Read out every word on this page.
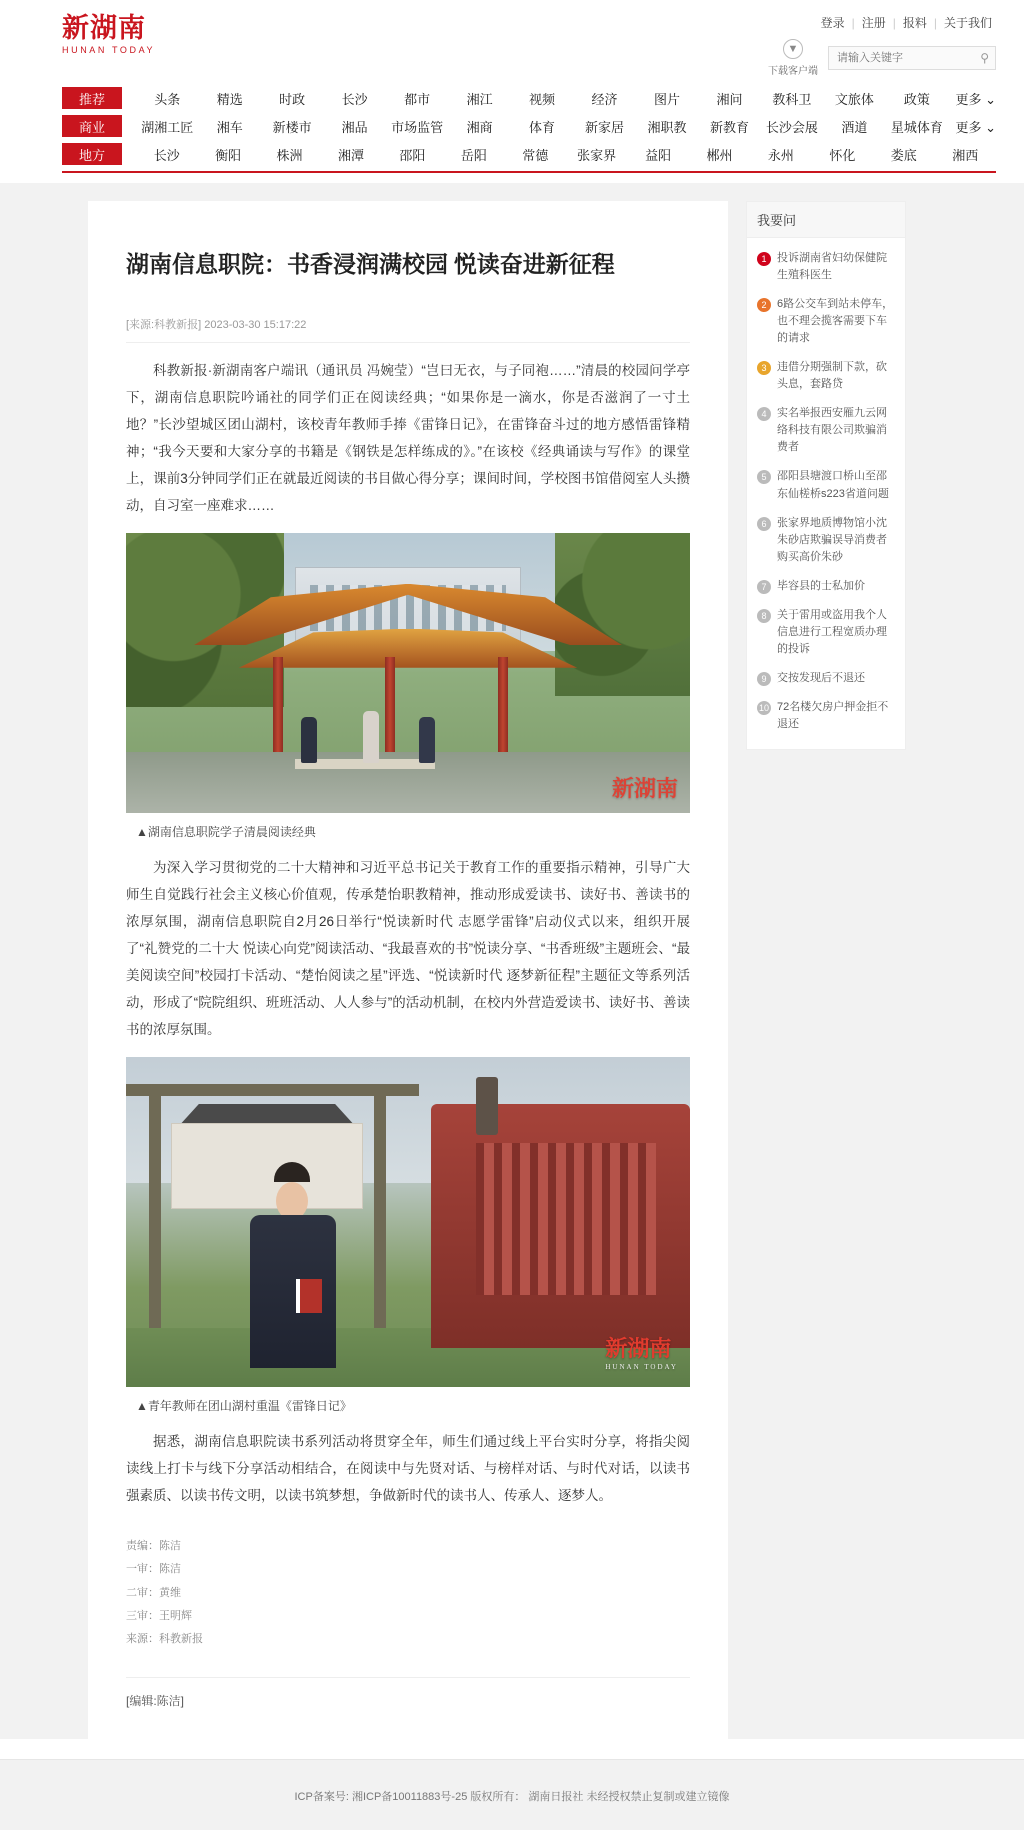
新湖南
HUNAN TODAY
登录 | 注册 | 报料 | 关于我们
▼
下载客户端
请输入关键字
⚲
推荐	头条	精选	时政	长沙	都市	湘江	视频	经济	图片	湘问	教科卫	文旅体	政策	更多 ⌄
商业	湖湘工匠	湘车	新楼市	湘品	市场监管	湘商	体育	新家居	湘职教	新教育	长沙会展	酒道	星城体育 更多 ⌄
地方	长沙	衡阳	株洲	湘潭	邵阳	岳阳	常德	张家界	益阳	郴州	永州	怀化	娄底	湘西
湖南信息职院：书香浸润满校园 悦读奋进新征程
[来源:科教新报] 2023-03-30 15:17:22

科教新报·新湖南客户端讯（通讯员 冯婉莹）“岂曰无衣，与子同袍……”清晨的校园问学亭下，湖南信息职院吟诵社的同学们正在阅读经典；“如果你是一滴水，你是否滋润了一寸土地？”长沙望城区团山湖村，该校青年教师手捧《雷锋日记》，在雷锋奋斗过的地方感悟雷锋精神；“我今天要和大家分享的书籍是《钢铁是怎样练成的》。”在该校《经典诵读与写作》的课堂上，课前3分钟同学们正在就最近阅读的书目做心得分享；课间时间，学校图书馆借阅室人头攒动，自习室一座难求……

新湖南
▲湖南信息职院学子清晨阅读经典

为深入学习贯彻党的二十大精神和习近平总书记关于教育工作的重要指示精神，引导广大师生自觉践行社会主义核心价值观，传承楚怡职教精神，推动形成爱读书、读好书、善读书的浓厚氛围，湖南信息职院自2月26日举行“悦读新时代 志愿学雷锋”启动仪式以来，组织开展了“礼赞党的二十大 悦读心向党”阅读活动、“我最喜欢的书”悦读分享、“书香班级”主题班会、“最美阅读空间”校园打卡活动、“楚怡阅读之星”评选、“悦读新时代 逐梦新征程”主题征文等系列活动，形成了“院院组织、班班活动、人人参与”的活动机制，在校内外营造爱读书、读好书、善读书的浓厚氛围。

新湖南
HUNAN TODAY
▲青年教师在团山湖村重温《雷锋日记》

据悉，湖南信息职院读书系列活动将贯穿全年，师生们通过线上平台实时分享，将指尖阅读线上打卡与线下分享活动相结合，在阅读中与先贤对话、与榜样对话、与时代对话，以读书强素质、以读书传文明，以读书筑梦想，争做新时代的读书人、传承人、逐梦人。

责编：陈洁
一审：陈洁
二审：黄维
三审：王明辉
来源：科教新报
[编辑:陈洁]
我要问
1 投诉湖南省妇幼保健院生殖科医生
2 6路公交车到站未停车，也不理会揽客需要下车的请求
3 违借分期强制下款，砍头息，套路贷
4 实名举报西安雁九云网络科技有限公司欺骗消费者
5 邵阳县塘渡口桥山至邵东仙槎桥s223省道问题
6 张家界地质博物馆小沈朱砂店欺骗误导消费者购买高价朱砂
7 毕容县的士私加价
8 关于雷用或盗用我个人信息进行工程宽质办理的投诉
9 交按发现后不退还
10 72名楼欠房户押金拒不退还
ICP备案号: 湘ICP备10011883号-25 版权所有： 湖南日报社 未经授权禁止复制或建立镜像
